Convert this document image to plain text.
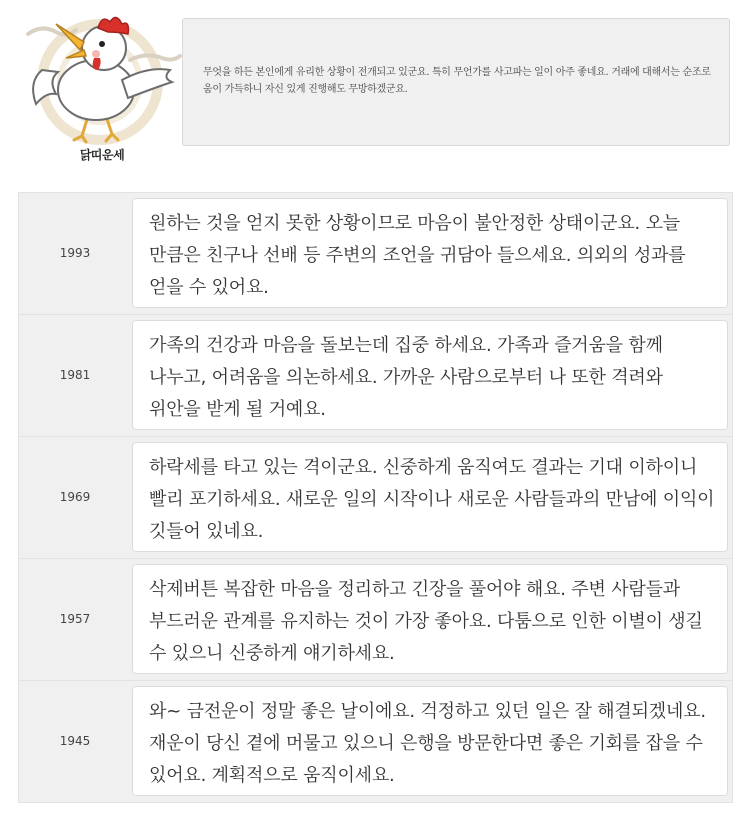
닭띠운세

무엇을 하든 본인에게 유리한 상황이 전개되고 있군요. 특히 무언가를 사고파는 일이 아주 좋네요. 거래에 대해서는 순조로움이 가득하니 자신 있게 진행해도 무방하겠군요.

1993

원하는 것을 얻지 못한 상황이므로 마음이 불안정한 상태이군요. 오늘 만큼은 친구나 선배 등 주변의 조언을 귀담아 들으세요. 의외의 성과를 얻을 수 있어요.

1981

가족의 건강과 마음을 돌보는데 집중 하세요. 가족과 즐거움을 함께 나누고, 어려움을 의논하세요. 가까운 사람으로부터 나 또한 격려와 위안을 받게 될 거예요.

1969

하락세를 타고 있는 격이군요. 신중하게 움직여도 결과는 기대 이하이니 빨리 포기하세요. 새로운 일의 시작이나 새로운 사람들과의 만남에 이익이 깃들어 있네요.

1957

삭제버튼 복잡한 마음을 정리하고 긴장을 풀어야 해요. 주변 사람들과 부드러운 관계를 유지하는 것이 가장 좋아요. 다툼으로 인한 이별이 생길 수 있으니 신중하게 얘기하세요.

1945

와~ 금전운이 정말 좋은 날이에요. 걱정하고 있던 일은 잘 해결되겠네요. 재운이 당신 곁에 머물고 있으니 은행을 방문한다면 좋은 기회를 잡을 수 있어요. 계획적으로 움직이세요.
